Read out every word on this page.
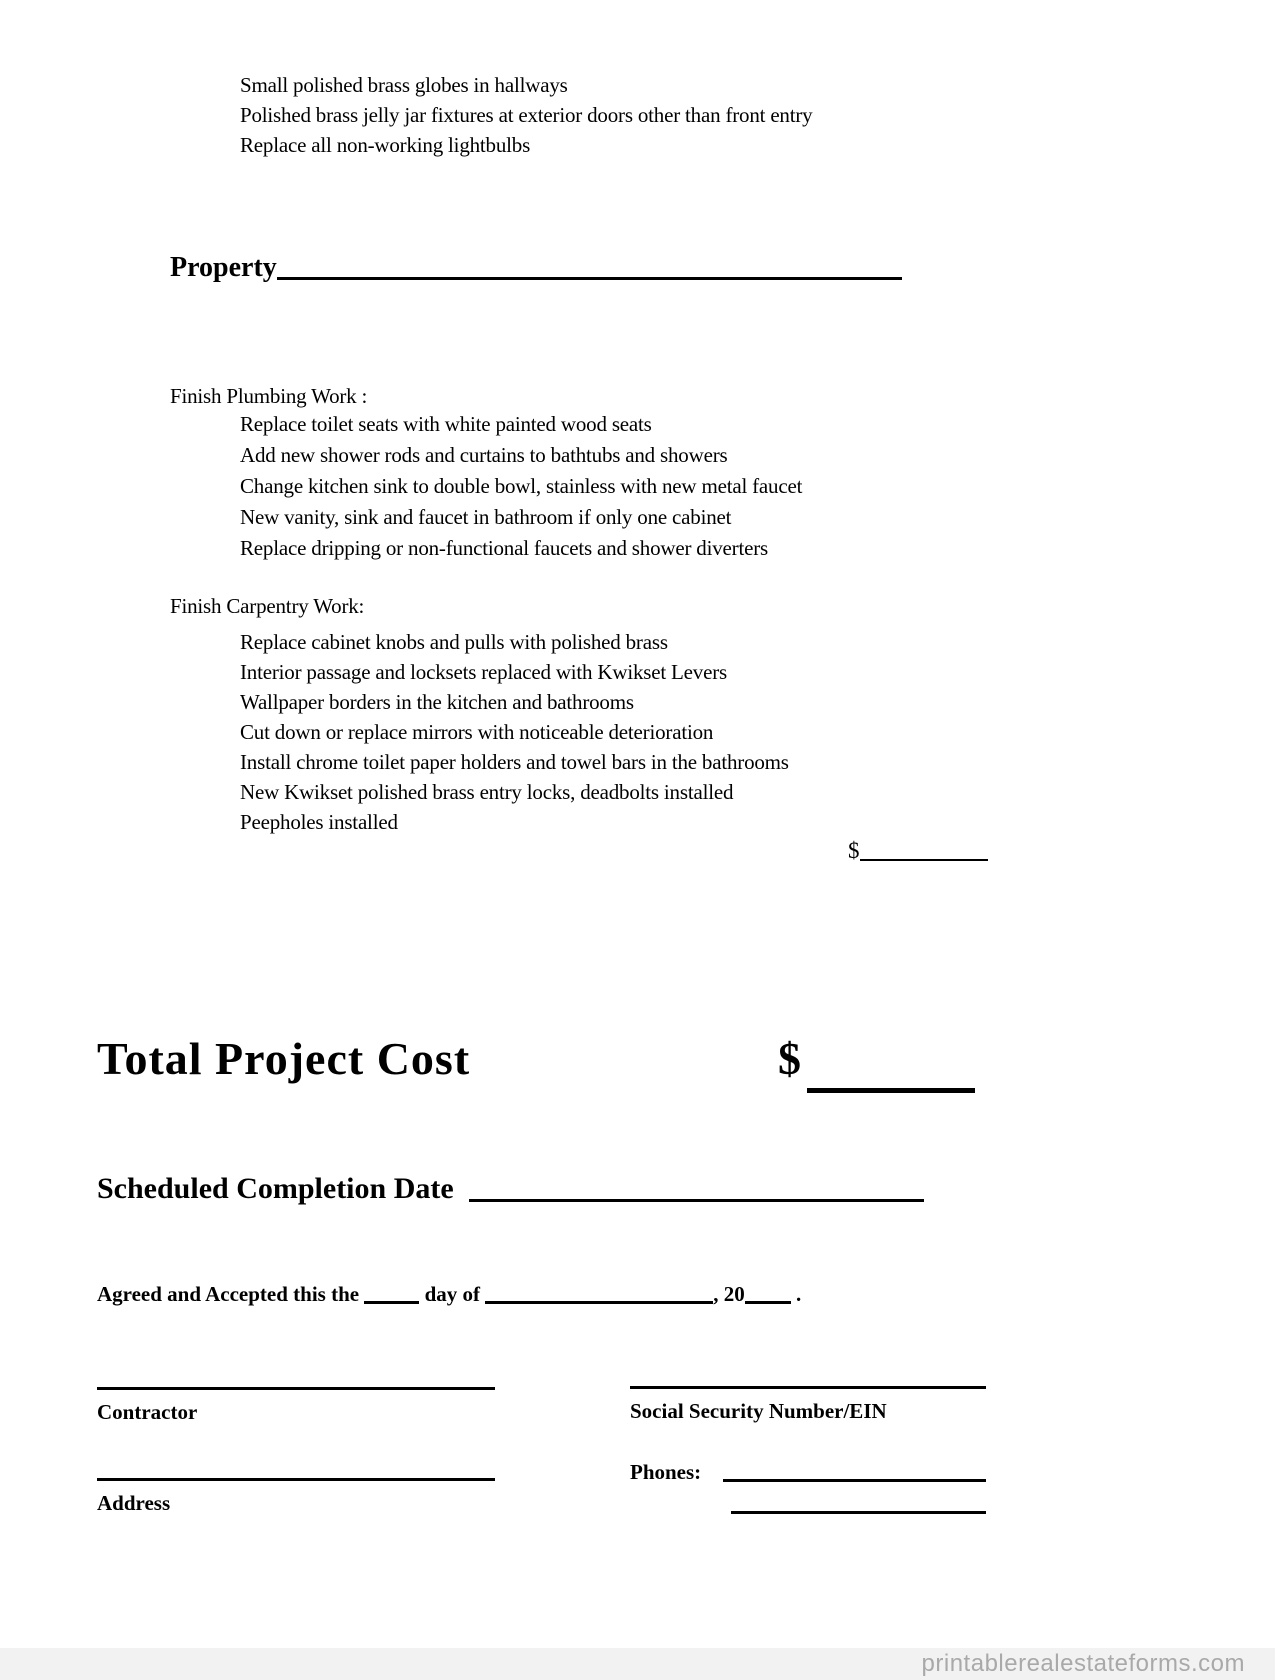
Small polished brass globes in hallways
Polished brass jelly jar fixtures at exterior doors other than front entry
Replace all non-working lightbulbs
Property
Finish Plumbing Work :
Replace toilet seats with white painted wood seats
Add new shower rods and curtains to bathtubs and showers
Change kitchen sink to double bowl, stainless with new metal faucet
New vanity, sink and faucet in bathroom if only one cabinet
Replace dripping or non-functional faucets and shower diverters
Finish Carpentry Work:
Replace cabinet knobs and pulls with polished brass
Interior passage and locksets replaced with Kwikset Levers
Wallpaper borders in the kitchen and bathrooms
Cut down or replace mirrors with noticeable deterioration
Install chrome toilet paper holders and towel bars in the bathrooms
New Kwikset polished brass entry locks, deadbolts installed
Peepholes installed
$
Total Project Cost	$
Scheduled Completion Date
Agreed and Accepted this the	day of	, 20 .
Contractor
Address
Social Security Number/EIN
Phones:
printablerealestateforms.com
